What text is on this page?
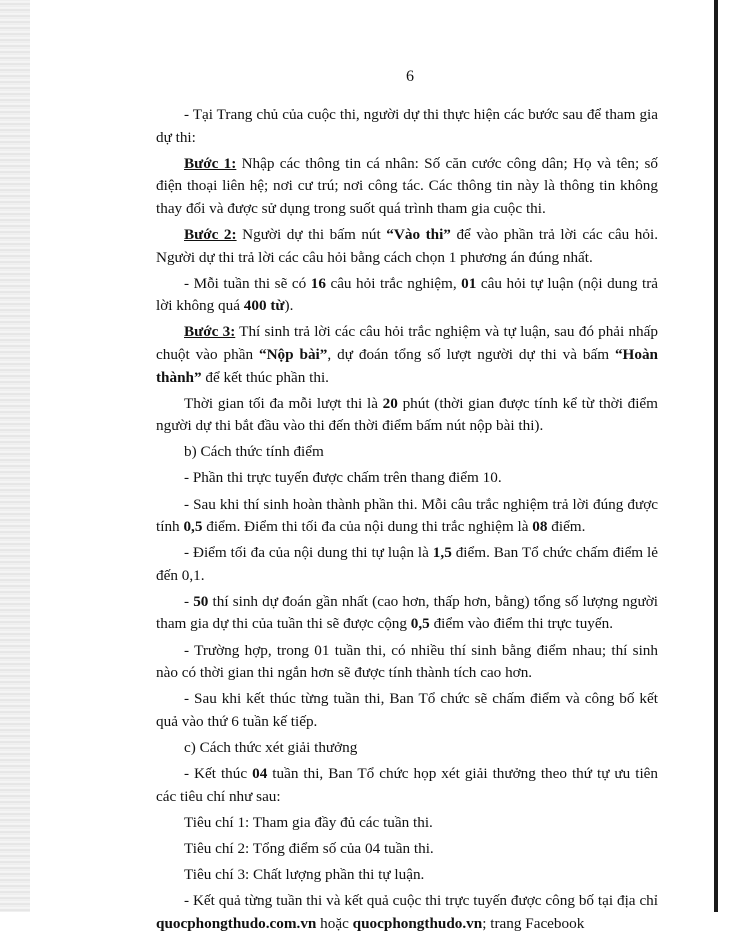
6

- Tại Trang chủ của cuộc thi, người dự thi thực hiện các bước sau để tham gia dự thi:

Bước 1: Nhập các thông tin cá nhân: Số căn cước công dân; Họ và tên; số điện thoại liên hệ; nơi cư trú; nơi công tác. Các thông tin này là thông tin không thay đổi và được sử dụng trong suốt quá trình tham gia cuộc thi.

Bước 2: Người dự thi bấm nút “Vào thi” để vào phần trả lời các câu hỏi. Người dự thi trả lời các câu hỏi bằng cách chọn 1 phương án đúng nhất.

- Mỗi tuần thi sẽ có 16 câu hỏi trắc nghiệm, 01 câu hỏi tự luận (nội dung trả lời không quá 400 từ).

Bước 3: Thí sinh trả lời các câu hỏi trắc nghiệm và tự luận, sau đó phải nhấp chuột vào phần “Nộp bài”, dự đoán tổng số lượt người dự thi và bấm “Hoàn thành” để kết thúc phần thi.

Thời gian tối đa mỗi lượt thi là 20 phút (thời gian được tính kể từ thời điểm người dự thi bắt đầu vào thi đến thời điểm bấm nút nộp bài thi).

b) Cách thức tính điểm

- Phần thi trực tuyến được chấm trên thang điểm 10.

- Sau khi thí sinh hoàn thành phần thi. Mỗi câu trắc nghiệm trả lời đúng được tính 0,5 điểm. Điểm thi tối đa của nội dung thi trắc nghiệm là 08 điểm.

- Điểm tối đa của nội dung thi tự luận là 1,5 điểm. Ban Tổ chức chấm điểm lẻ đến 0,1.

- 50 thí sinh dự đoán gần nhất (cao hơn, thấp hơn, bằng) tổng số lượng người tham gia dự thi của tuần thi sẽ được cộng 0,5 điểm vào điểm thi trực tuyến.

- Trường hợp, trong 01 tuần thi, có nhiều thí sinh bằng điểm nhau; thí sinh nào có thời gian thi ngắn hơn sẽ được tính thành tích cao hơn.

- Sau khi kết thúc từng tuần thi, Ban Tổ chức sẽ chấm điểm và công bố kết quả vào thứ 6 tuần kế tiếp.

c) Cách thức xét giải thưởng

- Kết thúc 04 tuần thi, Ban Tổ chức họp xét giải thưởng theo thứ tự ưu tiên các tiêu chí như sau:

Tiêu chí 1: Tham gia đầy đủ các tuần thi.

Tiêu chí 2: Tổng điểm số của 04 tuần thi.

Tiêu chí 3: Chất lượng phần thi tự luận.

- Kết quả từng tuần thi và kết quả cuộc thi trực tuyến được công bố tại địa chỉ quocphongthudo.com.vn hoặc quocphongthudo.vn; trang Facebook
